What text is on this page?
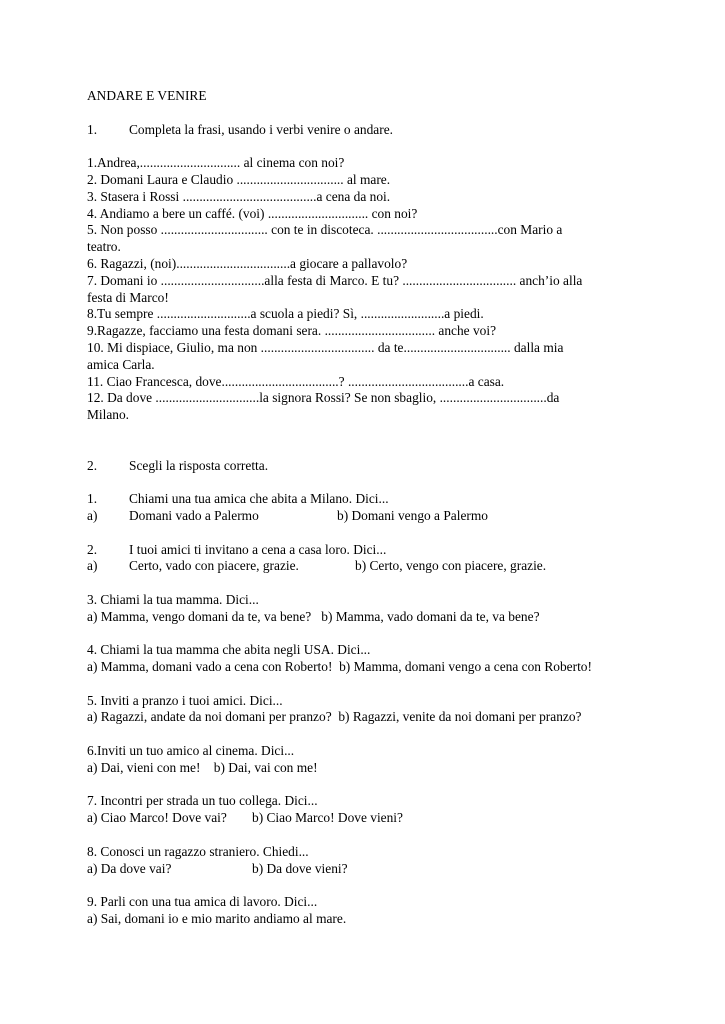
ANDARE E VENIRE
1. Completa la frasi, usando i verbi venire o andare.
1.Andrea,.............................. al cinema con noi?
2. Domani Laura e Claudio ................................ al mare.
3. Stasera i Rossi ........................................a cena da noi.
4. Andiamo a bere un caffé. (voi) .............................. con noi?
5. Non posso ................................ con te in discoteca. ....................................con Mario a
teatro.
6. Ragazzi, (noi)..................................a giocare a pallavolo?
7. Domani io ...............................alla festa di Marco. E tu? .................................. anch’io alla
festa di Marco!
8.Tu sempre ............................a scuola a piedi? Sì, .........................a piedi.
9.Ragazze, facciamo una festa domani sera. ................................. anche voi?
10. Mi dispiace, Giulio, ma non .................................. da te................................ dalla mia
amica Carla.
11. Ciao Francesca, dove...................................? ....................................a casa.
12. Da dove ...............................la signora Rossi? Se non sbaglio, ................................da
Milano.
2. Scegli la risposta corretta.
1. Chiami una tua amica che abita a Milano. Dici...
a) Domani vado a Palermo	b) Domani vengo a Palermo
2. I tuoi amici ti invitano a cena a casa loro. Dici...
a) Certo, vado con piacere, grazie.	b) Certo, vengo con piacere, grazie.
3. Chiami la tua mamma. Dici...
a) Mamma, vengo domani da te, va bene?   b) Mamma, vado domani da te, va bene?
4. Chiami la tua mamma che abita negli USA. Dici...
a) Mamma, domani vado a cena con Roberto!  b) Mamma, domani vengo a cena con Roberto!
5. Inviti a pranzo i tuoi amici. Dici...
a) Ragazzi, andate da noi domani per pranzo?  b) Ragazzi, venite da noi domani per pranzo?
6.Inviti un tuo amico al cinema. Dici...
a) Dai, vieni con me!    b) Dai, vai con me!
7. Incontri per strada un tuo collega. Dici...
a) Ciao Marco! Dove vai? b) Ciao Marco! Dove vieni?
8. Conosci un ragazzo straniero. Chiedi...
a) Da dove vai?	b) Da dove vieni?
9. Parli con una tua amica di lavoro. Dici...
a) Sai, domani io e mio marito andiamo al mare.
